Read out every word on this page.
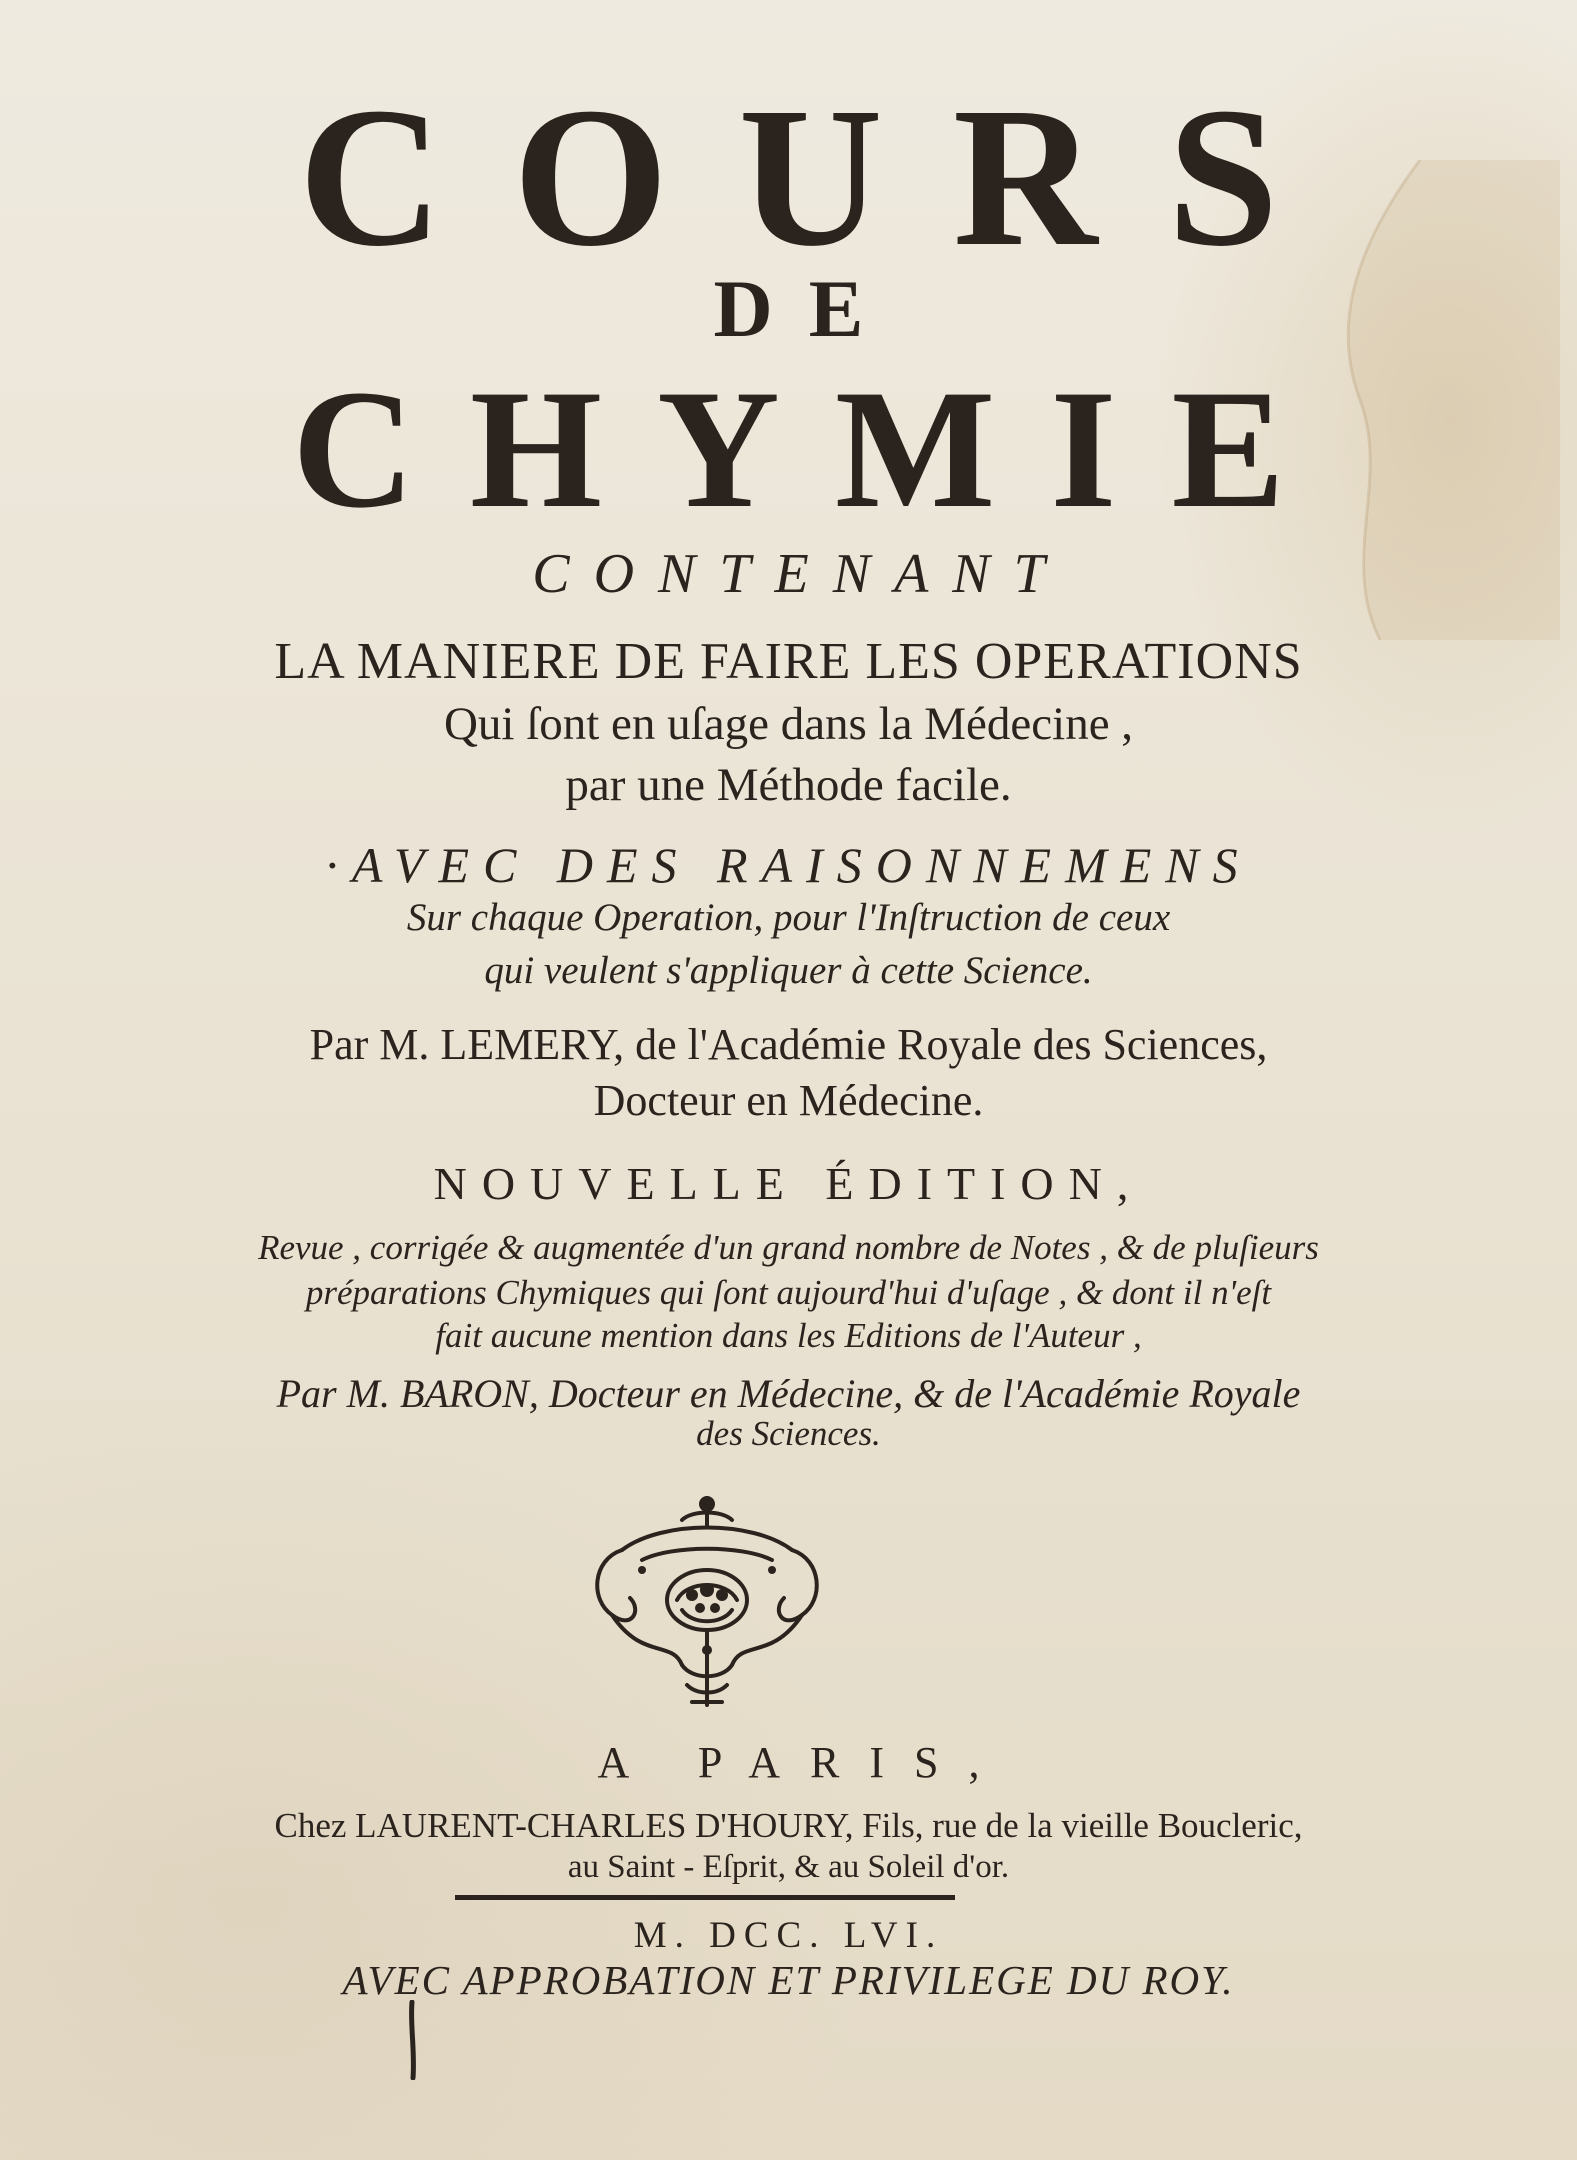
COURS
DE
CHYMIE
CONTENANT
LA MANIERE DE FAIRE LES OPERATIONS
Qui ſont en uſage dans la Médecine ,
par une Méthode facile.
·AVEC DES RAISONNEMENS
Sur chaque Operation, pour l'Inſtruction de ceux
qui veulent s'appliquer à cette Science.
Par M. LEMERY, de l'Académie Royale des Sciences,
Docteur en Médecine.
NOUVELLE ÉDITION,
Revue , corrigée & augmentée d'un grand nombre de Notes , & de pluſieurs
préparations Chymiques qui ſont aujourd'hui d'uſage , & dont il n'eſt
fait aucune mention dans les Editions de l'Auteur ,
Par M. BARON, Docteur en Médecine, & de l'Académie Royale
des Sciences.
A PARIS,
Chez LAURENT-CHARLES D'HOURY, Fils, rue de la vieille Boucleric,
au Saint - Eſprit, & au Soleil d'or.
M. DCC. LVI.
AVEC APPROBATION ET PRIVILEGE DU ROY.
